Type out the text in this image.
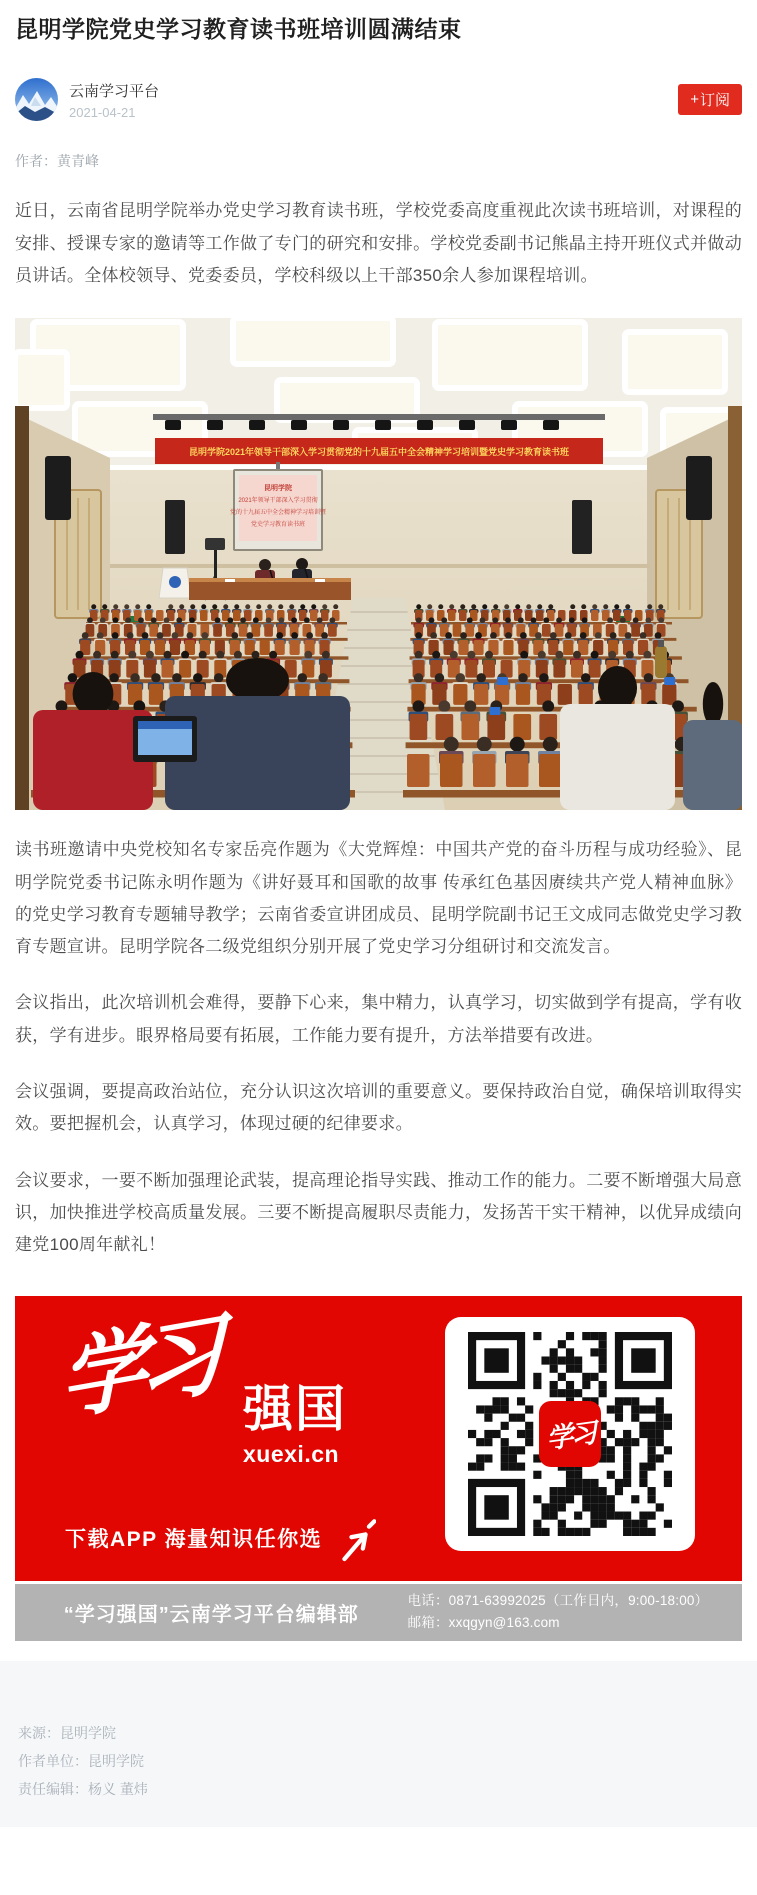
昆明学院党史学习教育读书班培训圆满结束
云南学习平台
2021-04-21
+ 订阅
作者：黄青峰

近日，云南省昆明学院举办党史学习教育读书班，学校党委高度重视此次读书班培训，对课程的安排、授课专家的邀请等工作做了专门的研究和安排。学校党委副书记熊晶主持开班仪式并做动员讲话。全体校领导、党委委员，学校科级以上干部350余人参加课程培训。

昆明学院2021年领导干部深入学习贯彻党的十九届五中全会精神学习培训暨党史学习教育读书班
昆明学院
2021年领导干部深入学习贯彻
党的十九届五中全会精神学习培训暨
党史学习教育读书班

读书班邀请中央党校知名专家岳亮作题为《大党辉煌：中国共产党的奋斗历程与成功经验》、昆明学院党委书记陈永明作题为《讲好聂耳和国歌的故事 传承红色基因赓续共产党人精神血脉》的党史学习教育专题辅导教学；云南省委宣讲团成员、昆明学院副书记王文成同志做党史学习教育专题宣讲。昆明学院各二级党组织分别开展了党史学习分组研讨和交流发言。

会议指出，此次培训机会难得，要静下心来，集中精力，认真学习，切实做到学有提高，学有收获，学有进步。眼界格局要有拓展，工作能力要有提升，方法举措要有改进。

会议强调，要提高政治站位，充分认识这次培训的重要意义。要保持政治自觉，确保培训取得实效。要把握机会，认真学习，体现过硬的纪律要求。

会议要求，一要不断加强理论武装，提高理论指导实践、推动工作的能力。二要不断增强大局意识，加快推进学校高质量发展。三要不断提高履职尽责能力，发扬苦干实干精神，以优异成绩向建党100周年献礼！

学习 强国
xuexi.cn
下载APP 海量知识任你选
学习
“学习强国”云南学习平台编辑部
电话：0871-63992025（工作日内，9:00-18:00）
邮箱：xxqgyn@163.com
来源：昆明学院
作者单位：昆明学院
责任编辑：杨义 董炜
